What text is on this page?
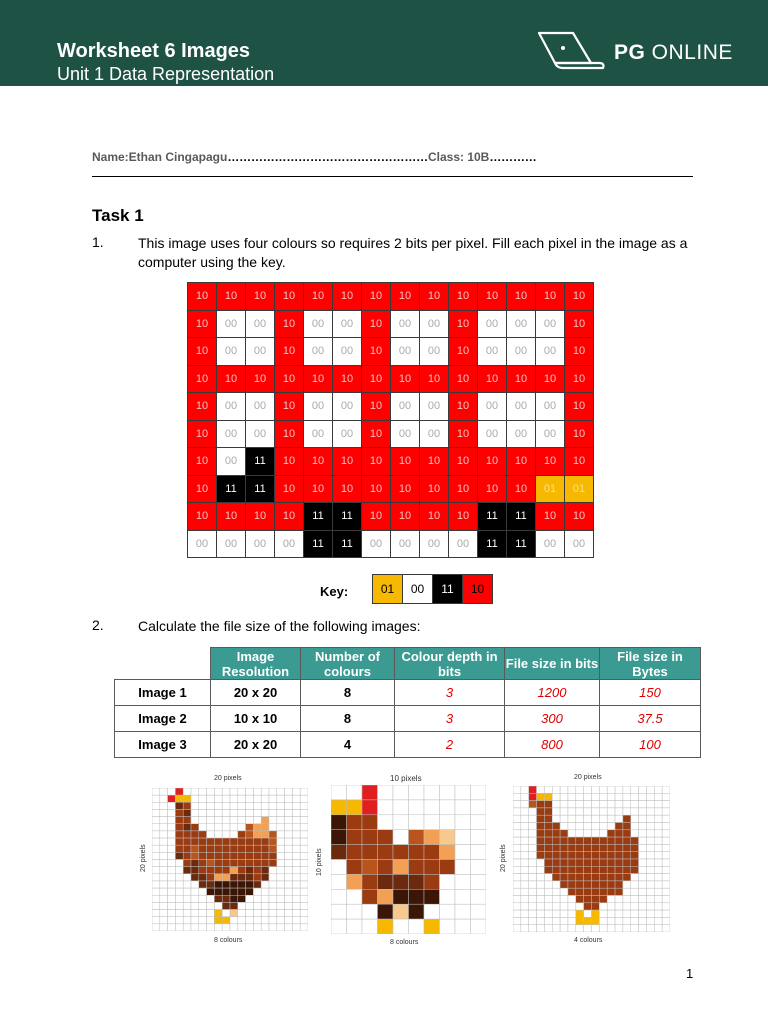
Worksheet 6 Images
Unit 1 Data Representation
PG ONLINE
Name:Ethan Cingapagu……………………………………………Class: 10B…………
Task 1
1. This image uses four colours so requires 2 bits per pixel. Fill each pixel in the image as a computer using the key.
10	10	10	10	10	10	10	10	10	10	10	10	10	10
10	00	00	10	00	00	10	00	00	10	00	00	00	10
10	00	00	10	00	00	10	00	00	10	00	00	00	10
10	10	10	10	10	10	10	10	10	10	10	10	10	10
10	00	00	10	00	00	10	00	00	10	00	00	00	10
10	00	00	10	00	00	10	00	00	10	00	00	00	10
10	00	11	10	10	10	10	10	10	10	10	10	10	10
10	11	11	10	10	10	10	10	10	10	10	10	01	01
10	10	10	10	11	11	10	10	10	10	11	11	10	10
00	00	00	00	11	11	00	00	00	00	11	11	00	00
Key:	01	00	11	10
2. Calculate the file size of the following images:
	Image Resolution	Number of colours	Colour depth in bits	File size in bits	File size in Bytes
Image 1	20 x 20	8	3	1200	150
Image 2	10 x 10	8	3	300	37.5
Image 3	20 x 20	4	2	800	100
20 pixels
20 pixels
8 colours
10 pixels
10 pixels
8 colours
20 pixels
20 pixels
4 colours
1
